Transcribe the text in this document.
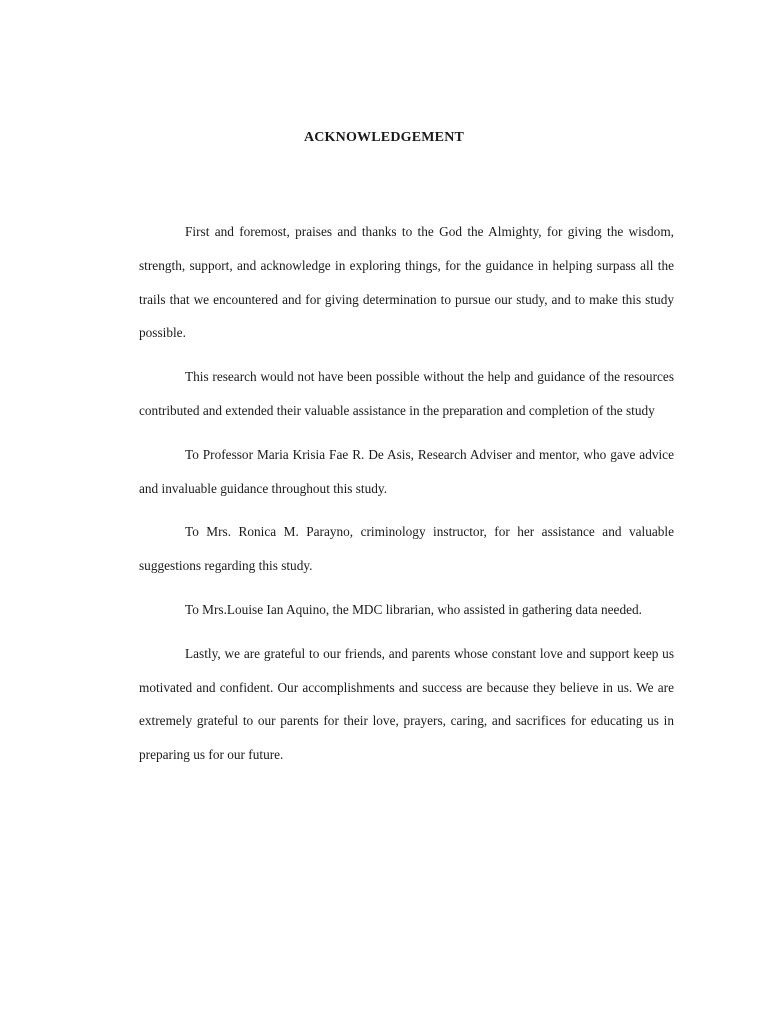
ACKNOWLEDGEMENT

First and foremost, praises and thanks to the God the Almighty, for giving the wisdom, strength, support, and acknowledge in exploring things, for the guidance in helping surpass all the trails that we encountered and for giving determination to pursue our study, and to make this study possible.

This research would not have been possible without the help and guidance of the resources contributed and extended their valuable assistance in the preparation and completion of the study

To Professor Maria Krisia Fae R. De Asis, Research Adviser and mentor, who gave advice and invaluable guidance throughout this study.

To Mrs. Ronica M. Parayno, criminology instructor, for her assistance and valuable suggestions regarding this study.

To Mrs.Louise Ian Aquino, the MDC librarian, who assisted in gathering data needed.

Lastly, we are grateful to our friends, and parents whose constant love and support keep us motivated and confident. Our accomplishments and success are because they believe in us. We are extremely grateful to our parents for their love, prayers, caring, and sacrifices for educating us in preparing us for our future.
